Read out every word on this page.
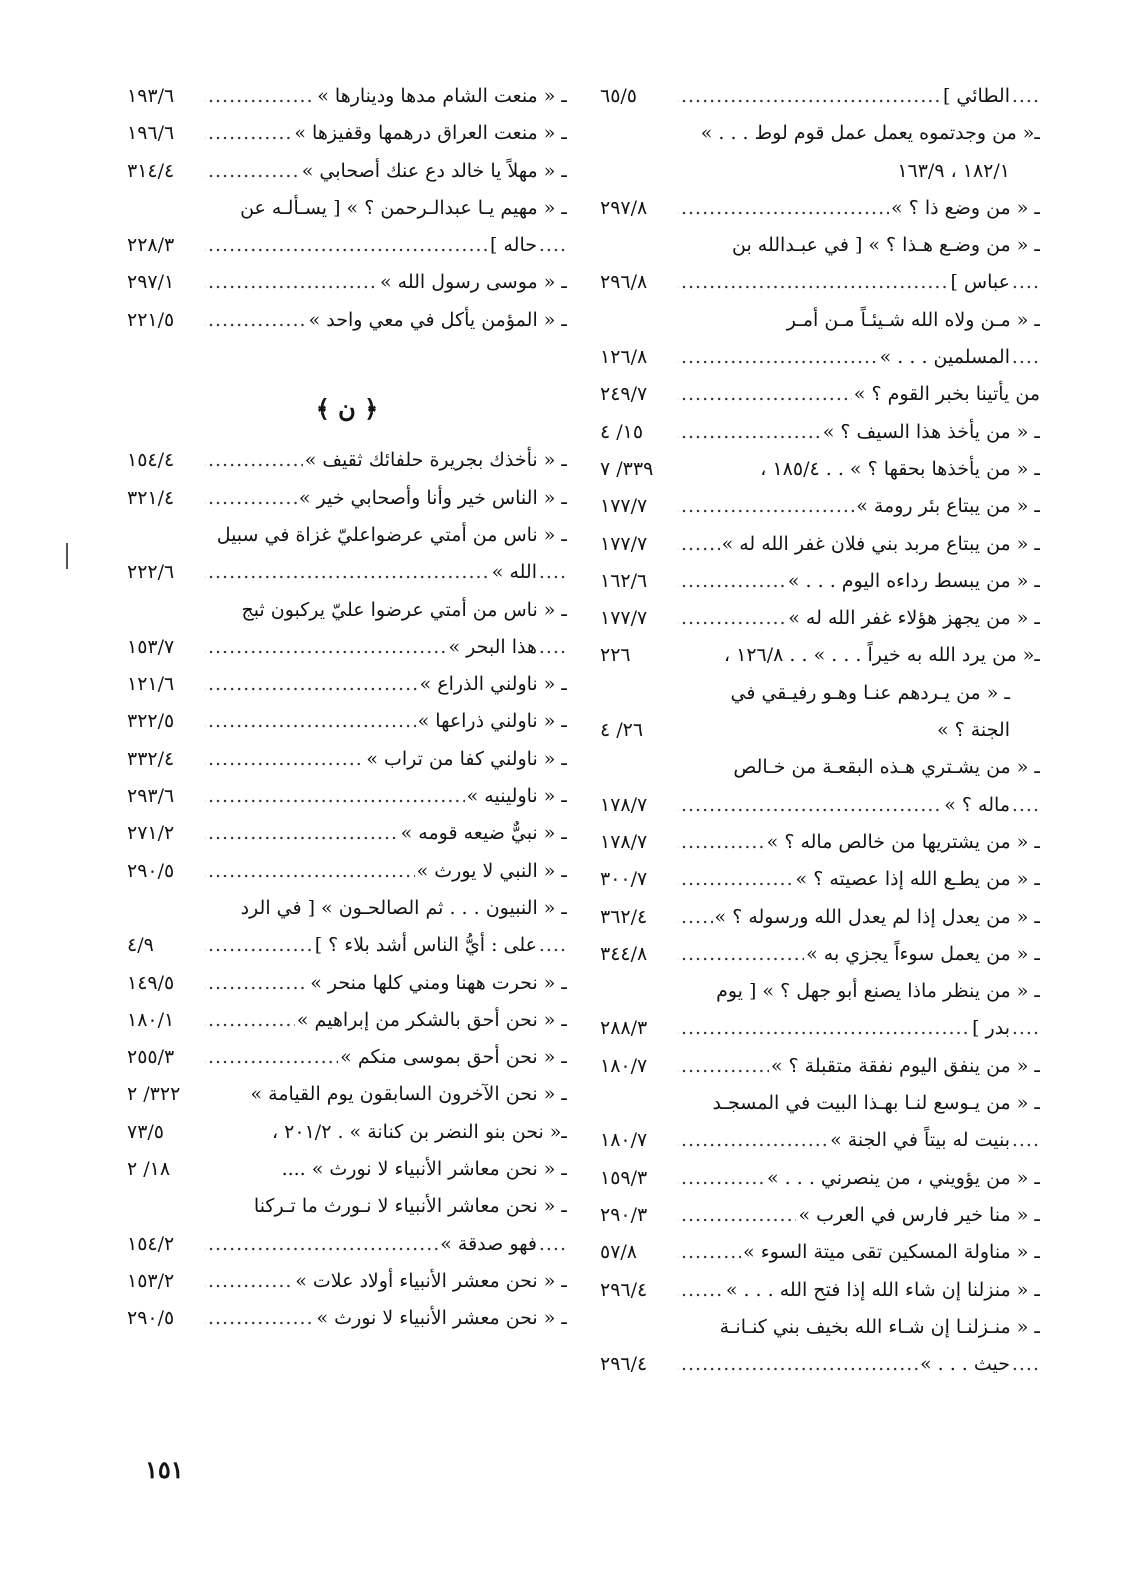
الطائي ]
.....
٦٥/٥
ـ« من وجدتموه يعمل عمل قوم لوط . . . »
١٨٢/١ ، ١٦٣/٩
ـ « من وضع ذا ؟ »
.....
٢٩٧/٨
ـ « من وضـع هـذا ؟ » [ في عبـدالله بن
عباس ]
.....
٢٩٦/٨
ـ « مـن ولاه الله شـيئـاً مـن أمـر
المسلمين . . . »
.....
١٢٦/٨
من يأتينا بخبر القوم ؟ »
.....
٢٤٩/٧
ـ « من يأخذ هذا السيف ؟ »
.....
١٥/ ٤
ـ « من يأخذها بحقها ؟ » . . ١٨٥/٤ ،
٣٣٩/ ٧
ـ « من يبتاع بئر رومة »
.....
١٧٧/٧
ـ « من يبتاع مربد بني فلان غفر الله له »
.....
١٧٧/٧
ـ « من يبسط رداءه اليوم . . . »
.....
١٦٢/٦
ـ « من يجهز هؤلاء غفر الله له »
.....
١٧٧/٧
ـ« من يرد الله به خيراً . . . » . . ١٢٦/٨ ،
٢٢٦
ـ « من يـردهم عنـا وهـو رفيـقي في
الجنة ؟ »
٢٦/ ٤
ـ « من يشـتري هـذه البقعـة من خـالص
ماله ؟ »
.....
١٧٨/٧
ـ « من يشتريها من خالص ماله ؟ »
.....
١٧٨/٧
ـ « من يطـع الله إذا عصيته ؟ »
.....
٣٠٠/٧
ـ « من يعدل إذا لم يعدل الله ورسوله ؟ »
.....
٣٦٢/٤
ـ « من يعمل سوءاً يجزي به »
.....
٣٤٤/٨
ـ « من ينظر ماذا يصنع أبو جهل ؟ » [ يوم
بدر ]
.....
٢٨٨/٣
ـ « من ينفق اليوم نفقة متقبلة ؟ »
.....
١٨٠/٧
ـ « من يـوسع لنـا بهـذا البيت في المسجـد
بنيت له بيتاً في الجنة »
.....
١٨٠/٧
ـ « من يؤويني ، من ينصرني . . . »
.....
١٥٩/٣
ـ « منا خير فارس في العرب »
.....
٢٩٠/٣
ـ « مناولة المسكين تقى ميتة السوء »
.....
٥٧/٨
ـ « منزلنا إن شاء الله إذا فتح الله . . . »
.....
٢٩٦/٤
ـ « منـزلنـا إن شـاء الله بخيف بني كنـانـة
حيث . . . »
.....
٢٩٦/٤
ـ « منعت الشام مدها ودينارها »
.....
١٩٣/٦
ـ « منعت العراق درهمها وقفيزها »
.....
١٩٦/٦
ـ « مهلاً يا خالد دع عنك أصحابي »
.....
٣١٤/٤
ـ « مهيم يـا عبدالـرحمن ؟ » [ يسـألـه عن
حاله ]
.....
٢٢٨/٣
ـ « موسى رسول الله »
.....
٢٩٧/١
ـ « المؤمن يأكل في معي واحد »
.....
٢٢١/٥
﴿ ن ﴾
ـ « نأخذك بجريرة حلفائك ثقيف »
.....
١٥٤/٤
ـ « الناس خير وأنا وأصحابي خير »
.....
٣٢١/٤
ـ « ناس من أمتي عرضواعليّ غزاة في سبيل
الله »
.....
٢٢٢/٦
ـ « ناس من أمتي عرضوا عليّ يركبون ثبج
هذا البحر »
.....
١٥٣/٧
ـ « ناولني الذراع »
.....
١٢١/٦
ـ « ناولني ذراعها »
.....
٣٢٢/٥
ـ « ناولني كفا من تراب »
.....
٣٣٢/٤
ـ « ناولينيه »
.....
٢٩٣/٦
ـ « نبيٌّ ضيعه قومه »
.....
٢٧١/٢
ـ « النبي لا يورث »
.....
٢٩٠/٥
ـ « النبيون . . . ثم الصالحـون » [ في الرد
على : أيُّ الناس أشد بلاء ؟ ]
.....
٤/٩
ـ « نحرت ههنا ومني كلها منحر »
.....
١٤٩/٥
ـ « نحن أحق بالشكر من إبراهيم »
.....
١٨٠/١
ـ « نحن أحق بموسى منكم »
.....
٢٥٥/٣
ـ « نحن الآخرون السابقون يوم القيامة »
٣٢٢/ ٢
ـ« نحن بنو النضر بن كنانة » . ٢٠١/٢ ،
٧٣/٥
ـ « نحن معاشر الأنبياء لا نورث » ....
١٨/ ٢
ـ « نحن معاشر الأنبياء لا نـورث ما تـركنا
فهو صدقة »
.....
١٥٤/٢
ـ « نحن معشر الأنبياء أولاد علات »
.....
١٥٣/٢
ـ « نحن معشر الأنبياء لا نورث »
.....
٢٩٠/٥
١٥١
